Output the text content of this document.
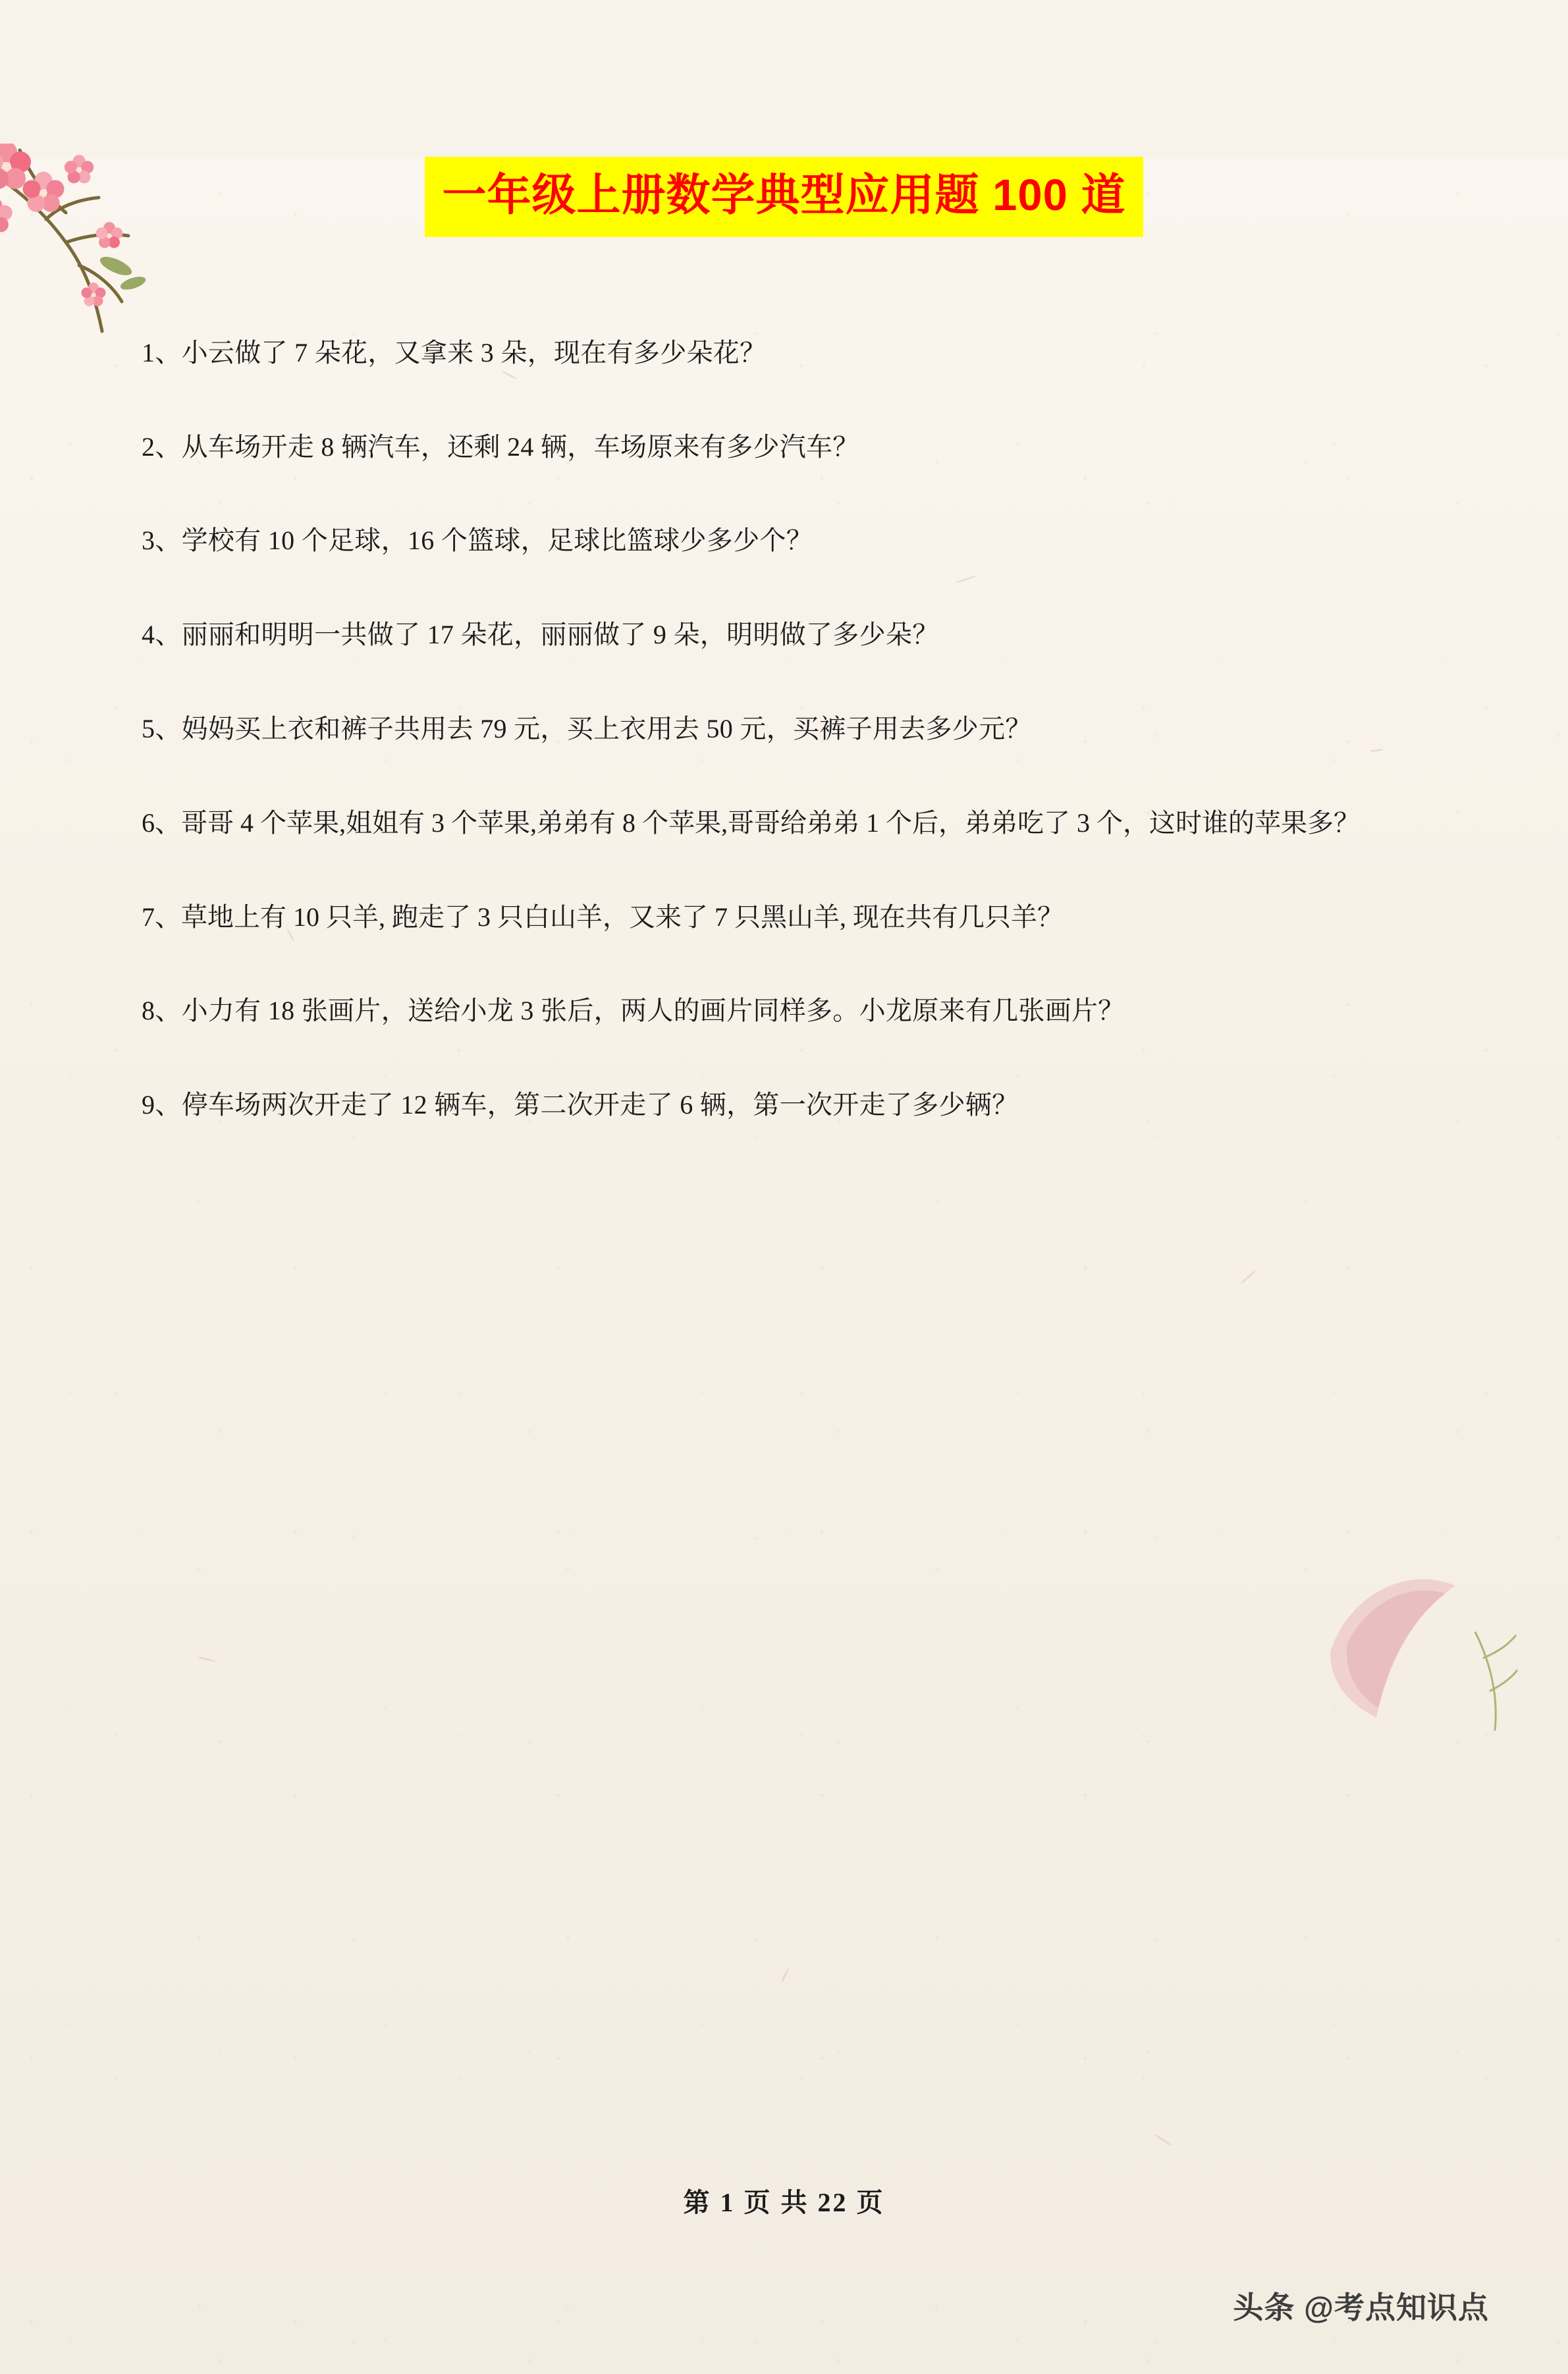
一年级上册数学典型应用题 100 道
1、小云做了 7 朵花，又拿来 3 朵，现在有多少朵花？
2、从车场开走 8 辆汽车，还剩 24 辆，车场原来有多少汽车？
3、学校有 10 个足球，16 个篮球，足球比篮球少多少个？
4、丽丽和明明一共做了 17 朵花，丽丽做了 9 朵，明明做了多少朵？
5、妈妈买上衣和裤子共用去 79 元，买上衣用去 50 元，买裤子用去多少元？
6、哥哥 4 个苹果,姐姐有 3 个苹果,弟弟有 8 个苹果,哥哥给弟弟 1 个后，弟弟吃了 3 个，这时谁的苹果多？
7、草地上有 10 只羊, 跑走了 3 只白山羊，又来了 7 只黑山羊, 现在共有几只羊？
8、小力有 18 张画片，送给小龙 3 张后，两人的画片同样多。小龙原来有几张画片？
9、停车场两次开走了 12 辆车，第二次开走了 6 辆，第一次开走了多少辆？
第 1 页 共 22 页
头条 @考点知识点
